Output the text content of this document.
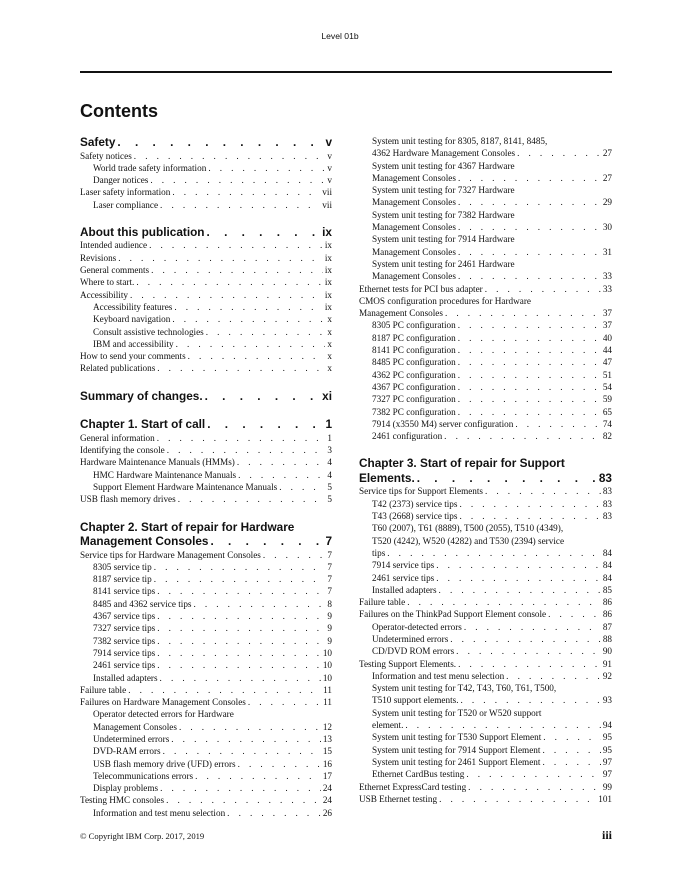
Level 01b
Contents
Safety . . .	v
Safety notices . . .	v
World trade safety information . . .	v
Danger notices . . .	v
Laser safety information . . .	vii
Laser compliance . . .	vii
About this publication . . .	ix
Intended audience . . .	ix
Revisions . . .	ix
General comments . . .	ix
Where to start. . . .	ix
Accessibility . . .	ix
Accessibility features . . .	ix
Keyboard navigation . . .	x
Consult assistive technologies . . .	x
IBM and accessibility . . .	x
How to send your comments . . .	x
Related publications . . .	x
Summary of changes. . . .	xi
Chapter 1. Start of call . . .	1
General information . . .	1
Identifying the console . . .	3
Hardware Maintenance Manuals (HMMs) . . .	4
HMC Hardware Maintenance Manuals . . .	4
Support Element Hardware Maintenance Manuals . . .	5
USB flash memory drives . . .	5
Chapter 2. Start of repair for Hardware
Management Consoles . . .	7
Service tips for Hardware Management Consoles . . .	7
8305 service tip . . .	7
8187 service tip . . .	7
8141 service tips . . .	7
8485 and 4362 service tips . . .	8
4367 service tips . . .	9
7327 service tips . . .	9
7382 service tips . . .	9
7914 service tips . . .	10
2461 service tips . . .	10
Installed adapters . . .	10
Failure table . . .	11
Failures on Hardware Management Consoles . . .	11
Operator detected errors for Hardware
Management Consoles . . .	12
Undetermined errors . . .	13
DVD-RAM errors . . .	15
USB flash memory drive (UFD) errors . . .	16
Telecommunications errors . . .	17
Display problems . . .	24
Testing HMC consoles . . .	24
Information and test menu selection . . .	26
System unit testing for 8305, 8187, 8141, 8485,
4362 Hardware Management Consoles . . .	27
System unit testing for 4367 Hardware
Management Consoles . . .	27
System unit testing for 7327 Hardware
Management Consoles . . .	29
System unit testing for 7382 Hardware
Management Consoles . . .	30
System unit testing for 7914 Hardware
Management Consoles . . .	31
System unit testing for 2461 Hardware
Management Consoles . . .	33
Ethernet tests for PCI bus adapter . . .	33
CMOS configuration procedures for Hardware
Management Consoles . . .	37
8305 PC configuration . . .	37
8187 PC configuration . . .	40
8141 PC configuration . . .	44
8485 PC configuration . . .	47
4362 PC configuration . . .	51
4367 PC configuration . . .	54
7327 PC configuration . . .	59
7382 PC configuration . . .	65
7914 (x3550 M4) server configuration . . .	74
2461 configuration . . .	82
Chapter 3. Start of repair for Support
Elements. . . .	83
Service tips for Support Elements . . .	83
T42 (2373) service tips . . .	83
T43 (2668) service tips . . .	83
T60 (2007), T61 (8889), T500 (2055), T510 (4349),
T520 (4242), W520 (4282) and T530 (2394) service
tips . . .	84
7914 service tips . . .	84
2461 service tips . . .	84
Installed adapters . . .	85
Failure table . . .	86
Failures on the ThinkPad Support Element console . . .	86
Operator-detected errors . . .	87
Undetermined errors . . .	88
CD/DVD ROM errors . . .	90
Testing Support Elements. . . .	91
Information and test menu selection . . .	92
System unit testing for T42, T43, T60, T61, T500,
T510 support elements. . . .	93
System unit testing for T520 or W520 support
element. . . .	94
System unit testing for T530 Support Element . . .	95
System unit testing for 7914 Support Element . . .	95
System unit testing for 2461 Support Element . . .	97
Ethernet CardBus testing . . .	97
Ethernet ExpressCard testing . . .	99
USB Ethernet testing . . .	101
© Copyright IBM Corp. 2017, 2019	iii
